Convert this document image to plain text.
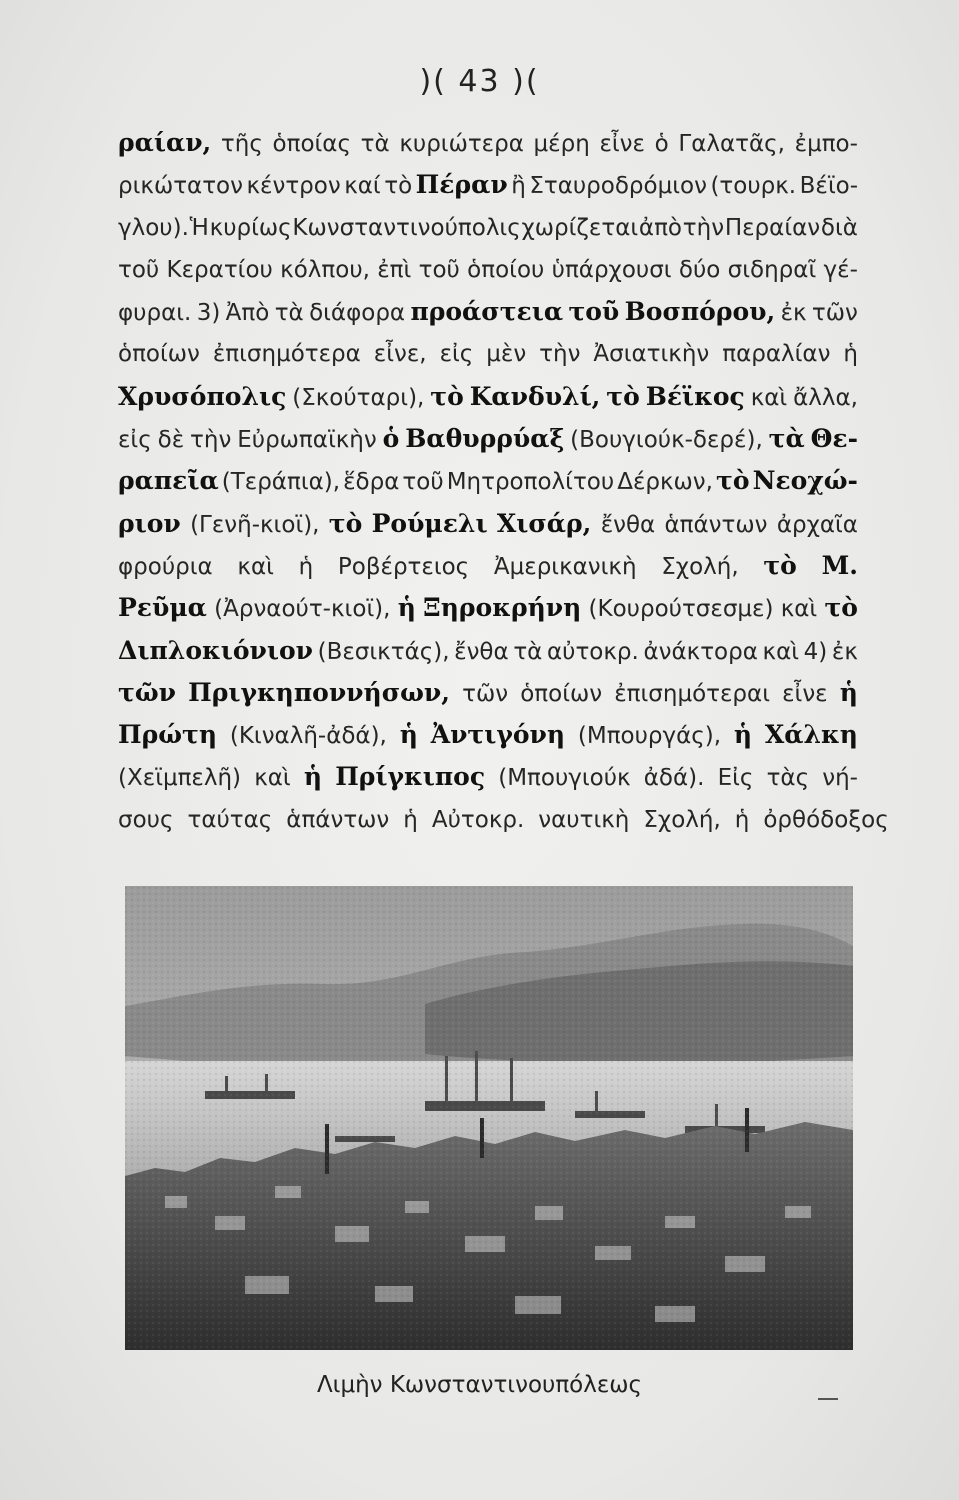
)( 43 )(
ραίαν, τῆς ὁποίας τὰ κυριώτερα μέρη εἶνε ὁ Γαλατᾶς, ἐμπο-
ρικώτατον κέντρον καί τὸ Πέραν ἢ Σταυροδρόμιον (τουρκ. Βέϊο-
γλου). Ἡ κυρίως Κωνσταντινούπολις χωρίζεται ἀπὸ τὴν Περαίαν διὰ
τοῦ Κερατίου κόλπου, ἐπὶ τοῦ ὁποίου ὑπάρχουσι δύο σιδηραῖ γέ-
φυραι. 3) Ἀπὸ τὰ διάφορα προάστεια τοῦ Βοσπόρου, ἐκ τῶν
ὁποίων ἐπισημότερα εἶνε, εἰς μὲν τὴν Ἀσιατικὴν παραλίαν ἡ
Χρυσόπολις (Σκούταρι), τὸ Κανδυλί, τὸ Βέϊκος καὶ ἄλλα,
εἰς δὲ τὴν Εὐρωπαϊκὴν ὁ Βαθυρρύαξ (Βουγιούκ-δερέ), τὰ Θε-
ραπεῖα (Τεράπια), ἕδρα τοῦ Μητροπολίτου Δέρκων, τὸ Νεοχώ-
ριον (Γενῆ-κιοϊ), τὸ Ρούμελι Χισάρ, ἔνθα ἁπάντων ἀρχαῖα
φρούρια καὶ ἡ Ροβέρτειος Ἀμερικανικὴ Σχολή, τὸ Μ.
Ρεῦμα (Ἀρναούτ-κιοϊ), ἡ Ξηροκρήνη (Κουρούτσεσμε) καὶ τὸ
Διπλοκιόνιον (Βεσικτάς), ἔνθα τὰ αὐτοκρ. ἀνάκτορα καὶ 4) ἐκ
τῶν Πριγκηποννήσων, τῶν ὁποίων ἐπισημότεραι εἶνε ἡ
Πρώτη (Κιναλῆ-ἀδά), ἡ Ἀντιγόνη (Μπουργάς), ἡ Χάλκη
(Χεϊμπελῆ) καὶ ἡ Πρίγκιπος (Μπουγιούκ ἀδά). Εἰς τὰς νή-
σους ταύτας ἁπάντων ἡ Αὐτοκρ. ναυτικὴ Σχολή, ἡ ὀρθόδοξος
Λιμὴν Κωνσταντινουπόλεως
